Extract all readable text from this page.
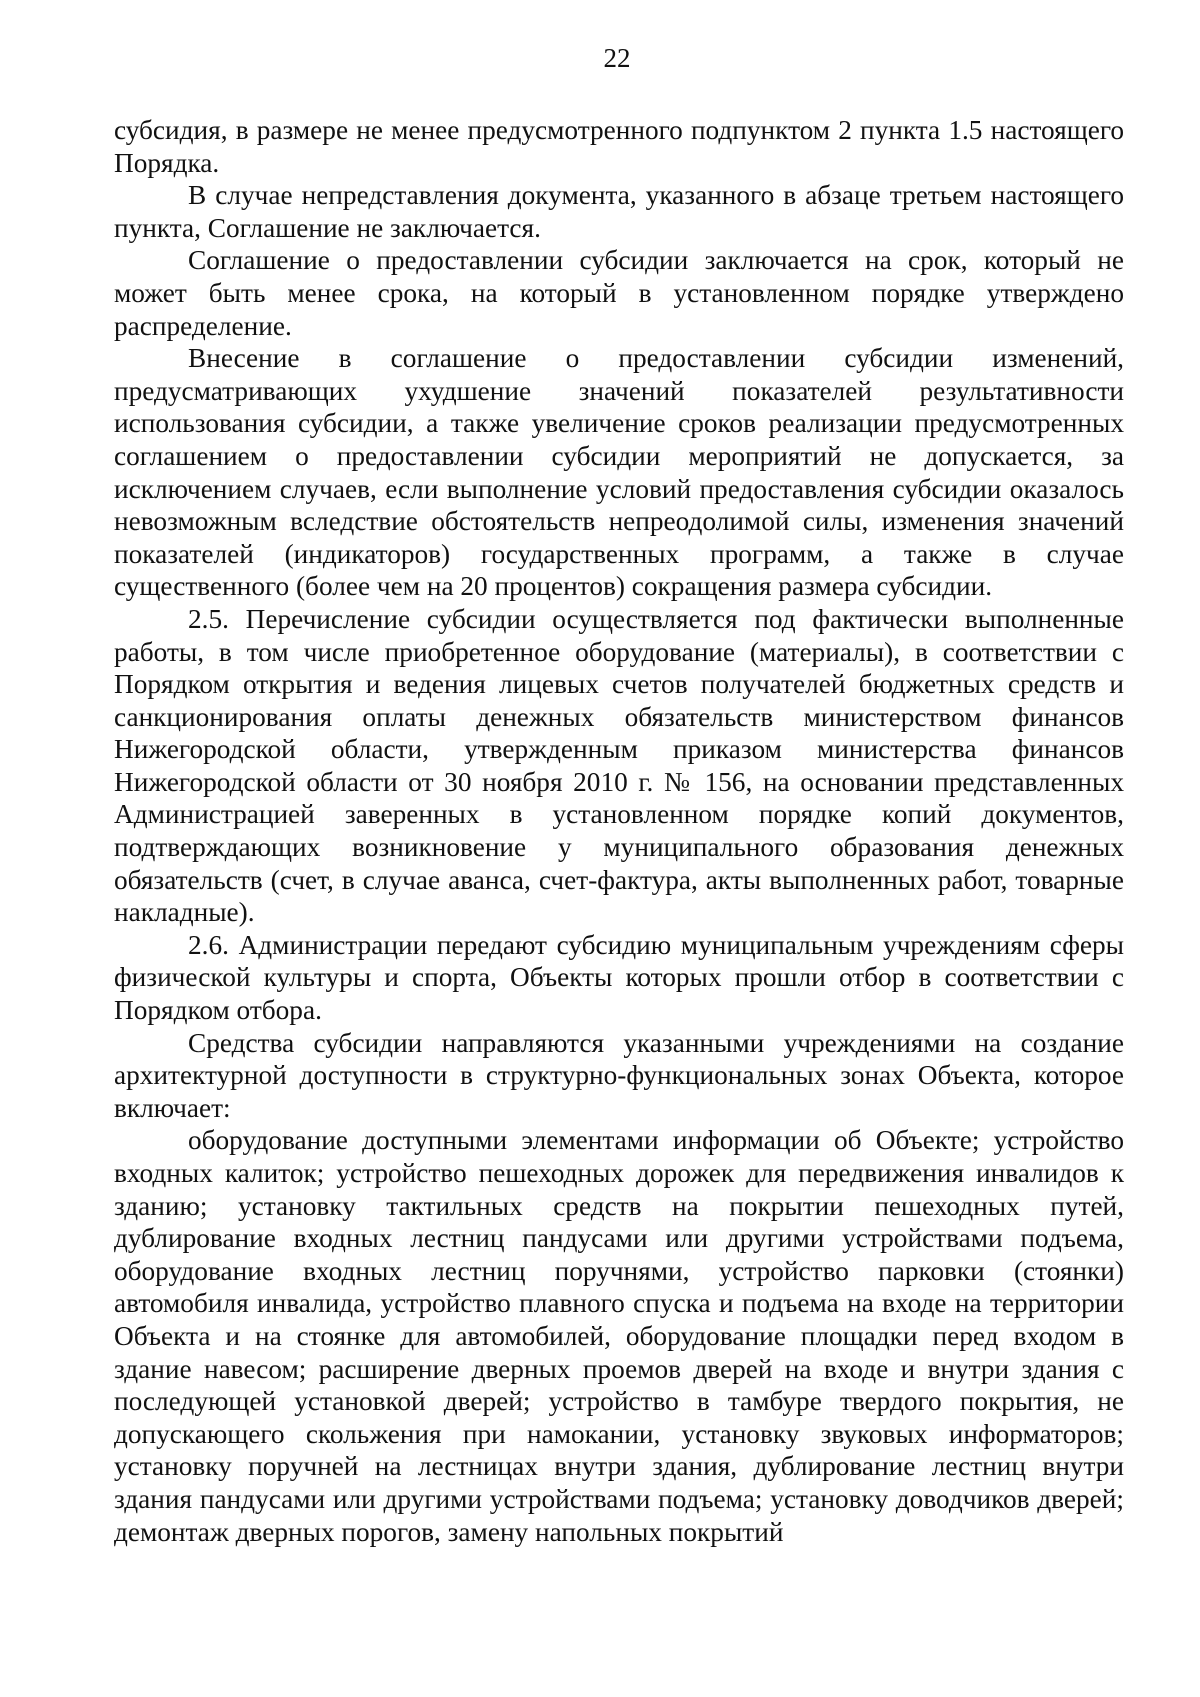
22

субсидия, в размере не менее предусмотренного подпунктом 2 пункта 1.5 настоящего Порядка.

В случае непредставления документа, указанного в абзаце третьем настоящего пункта, Соглашение не заключается.

Соглашение о предоставлении субсидии заключается на срок, который не может быть менее срока, на который в установленном порядке утверждено распределение.

Внесение в соглашение о предоставлении субсидии изменений, предусматривающих ухудшение значений показателей результативности использования субсидии, а также увеличение сроков реализации предусмотренных соглашением о предоставлении субсидии мероприятий не допускается, за исключением случаев, если выполнение условий предоставления субсидии оказалось невозможным вследствие обстоятельств непреодолимой силы, изменения значений показателей (индикаторов) государственных программ, а также в случае существенного (более чем на 20 процентов) сокращения размера субсидии.

2.5. Перечисление субсидии осуществляется под фактически выполненные работы, в том числе приобретенное оборудование (материалы), в соответствии с Порядком открытия и ведения лицевых счетов получателей бюджетных средств и санкционирования оплаты денежных обязательств министерством финансов Нижегородской области, утвержденным приказом министерства финансов Нижегородской области от 30 ноября 2010 г. № 156, на основании представленных Администрацией заверенных в установленном порядке копий документов, подтверждающих возникновение у муниципального образования денежных обязательств (счет, в случае аванса, счет-фактура, акты выполненных работ, товарные накладные).

2.6. Администрации передают субсидию муниципальным учреждениям сферы физической культуры и спорта, Объекты которых прошли отбор в соответствии с Порядком отбора.

Средства субсидии направляются указанными учреждениями на создание архитектурной доступности в структурно-функциональных зонах Объекта, которое включает:

оборудование доступными элементами информации об Объекте; устройство входных калиток; устройство пешеходных дорожек для передвижения инвалидов к зданию; установку тактильных средств на покрытии пешеходных путей, дублирование входных лестниц пандусами или другими устройствами подъема, оборудование входных лестниц поручнями, устройство парковки (стоянки) автомобиля инвалида, устройство плавного спуска и подъема на входе на территории Объекта и на стоянке для автомобилей, оборудование площадки перед входом в здание навесом; расширение дверных проемов дверей на входе и внутри здания с последующей установкой дверей; устройство в тамбуре твердого покрытия, не допускающего скольжения при намокании, установку звуковых информаторов; установку поручней на лестницах внутри здания, дублирование лестниц внутри здания пандусами или другими устройствами подъема; установку доводчиков дверей; демонтаж дверных порогов, замену напольных покрытий
